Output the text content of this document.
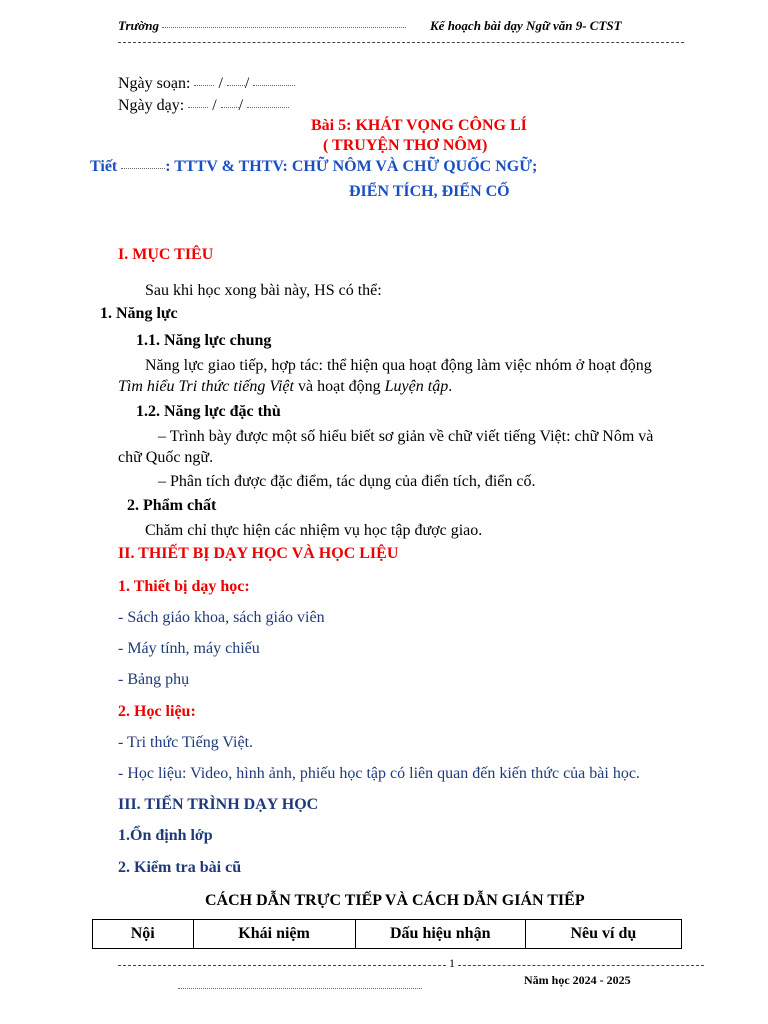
Trường	Kế hoạch bài dạy Ngữ văn 9- CTST
Ngày soạn: / /
Ngày dạy: / /
Bài 5: KHÁT VỌNG CÔNG LÍ
( TRUYỆN THƠ NÔM)
Tiết	: TTTV & THTV: CHỮ NÔM VÀ CHỮ QUỐC NGỮ;
ĐIỂN TÍCH, ĐIỂN CỐ
I. MỤC TIÊU
Sau khi học xong bài này, HS có thể:
1. Năng lực
1.1. Năng lực chung
Năng lực giao tiếp, hợp tác: thể hiện qua hoạt động làm việc nhóm ở hoạt động
Tìm hiểu Tri thức tiếng Việt và hoạt động Luyện tập.
1.2. Năng lực đặc thù
– Trình bày được một số hiểu biết sơ giản về chữ viết tiếng Việt: chữ Nôm và
chữ Quốc ngữ.
– Phân tích được đặc điểm, tác dụng của điển tích, điển cố.
2. Phẩm chất
Chăm chỉ thực hiện các nhiệm vụ học tập được giao.
II. THIẾT BỊ DẠY HỌC VÀ HỌC LIỆU
1. Thiết bị dạy học:
- Sách giáo khoa, sách giáo viên
- Máy tính, máy chiếu
- Bảng phụ
2. Học liệu:
- Tri thức Tiếng Việt.
- Học liệu: Video, hình ảnh, phiếu học tập có liên quan đến kiến thức của bài học.
III. TIẾN TRÌNH DẠY HỌC
1.Ổn định lớp
2. Kiểm tra bài cũ
CÁCH DẪN TRỰC TIẾP VÀ CÁCH DẪN GIÁN TIẾP
Nội	Khái niệm	Dấu hiệu nhận	Nêu ví dụ
1
Năm học 2024 - 2025
